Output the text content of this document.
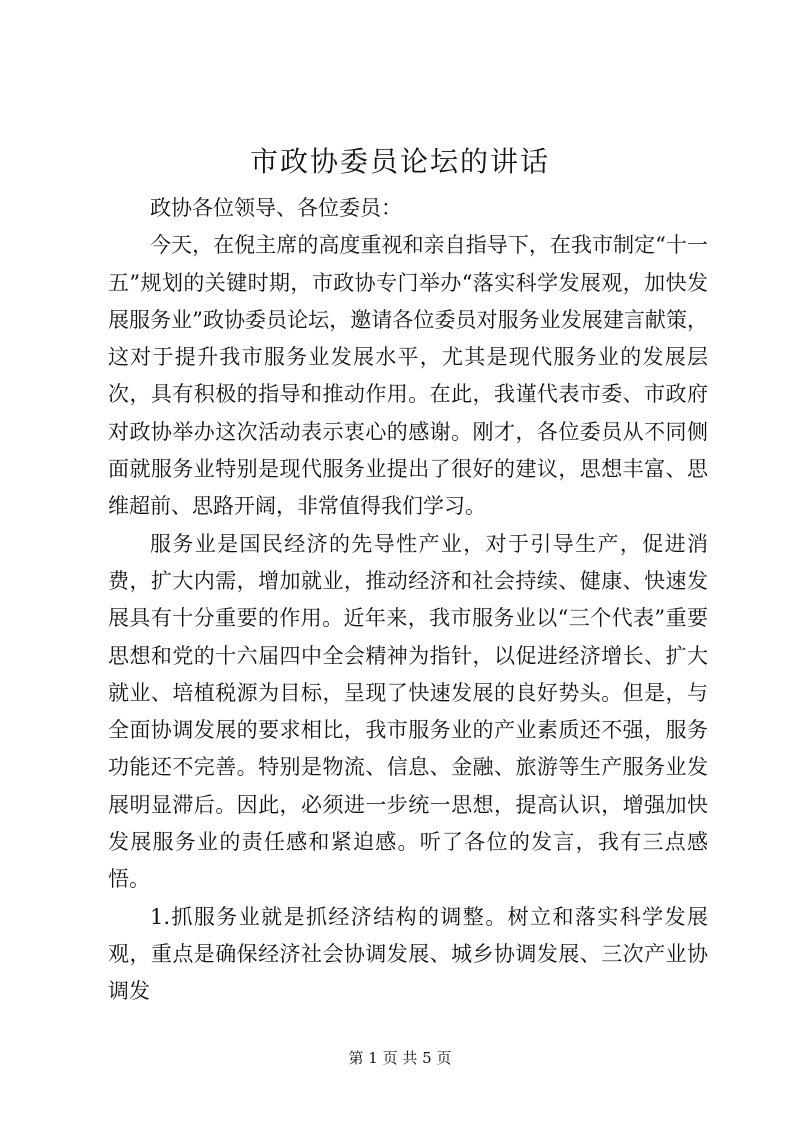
市政协委员论坛的讲话

政协各位领导、各位委员：

今天，在倪主席的高度重视和亲自指导下，在我市制定“十一五”规划的关键时期，市政协专门举办“落实科学发展观，加快发展服务业”政协委员论坛，邀请各位委员对服务业发展建言献策，这对于提升我市服务业发展水平，尤其是现代服务业的发展层次，具有积极的指导和推动作用。在此，我谨代表市委、市政府对政协举办这次活动表示衷心的感谢。刚才，各位委员从不同侧面就服务业特别是现代服务业提出了很好的建议，思想丰富、思维超前、思路开阔，非常值得我们学习。

服务业是国民经济的先导性产业，对于引导生产，促进消费，扩大内需，增加就业，推动经济和社会持续、健康、快速发展具有十分重要的作用。近年来，我市服务业以“三个代表”重要思想和党的十六届四中全会精神为指针，以促进经济增长、扩大就业、培植税源为目标，呈现了快速发展的良好势头。但是，与全面协调发展的要求相比，我市服务业的产业素质还不强，服务功能还不完善。特别是物流、信息、金融、旅游等生产服务业发展明显滞后。因此，必须进一步统一思想，提高认识，增强加快发展服务业的责任感和紧迫感。听了各位的发言，我有三点感悟。

1.抓服务业就是抓经济结构的调整。树立和落实科学发展观，重点是确保经济社会协调发展、城乡协调发展、三次产业协调发

第 1 页 共 5 页
